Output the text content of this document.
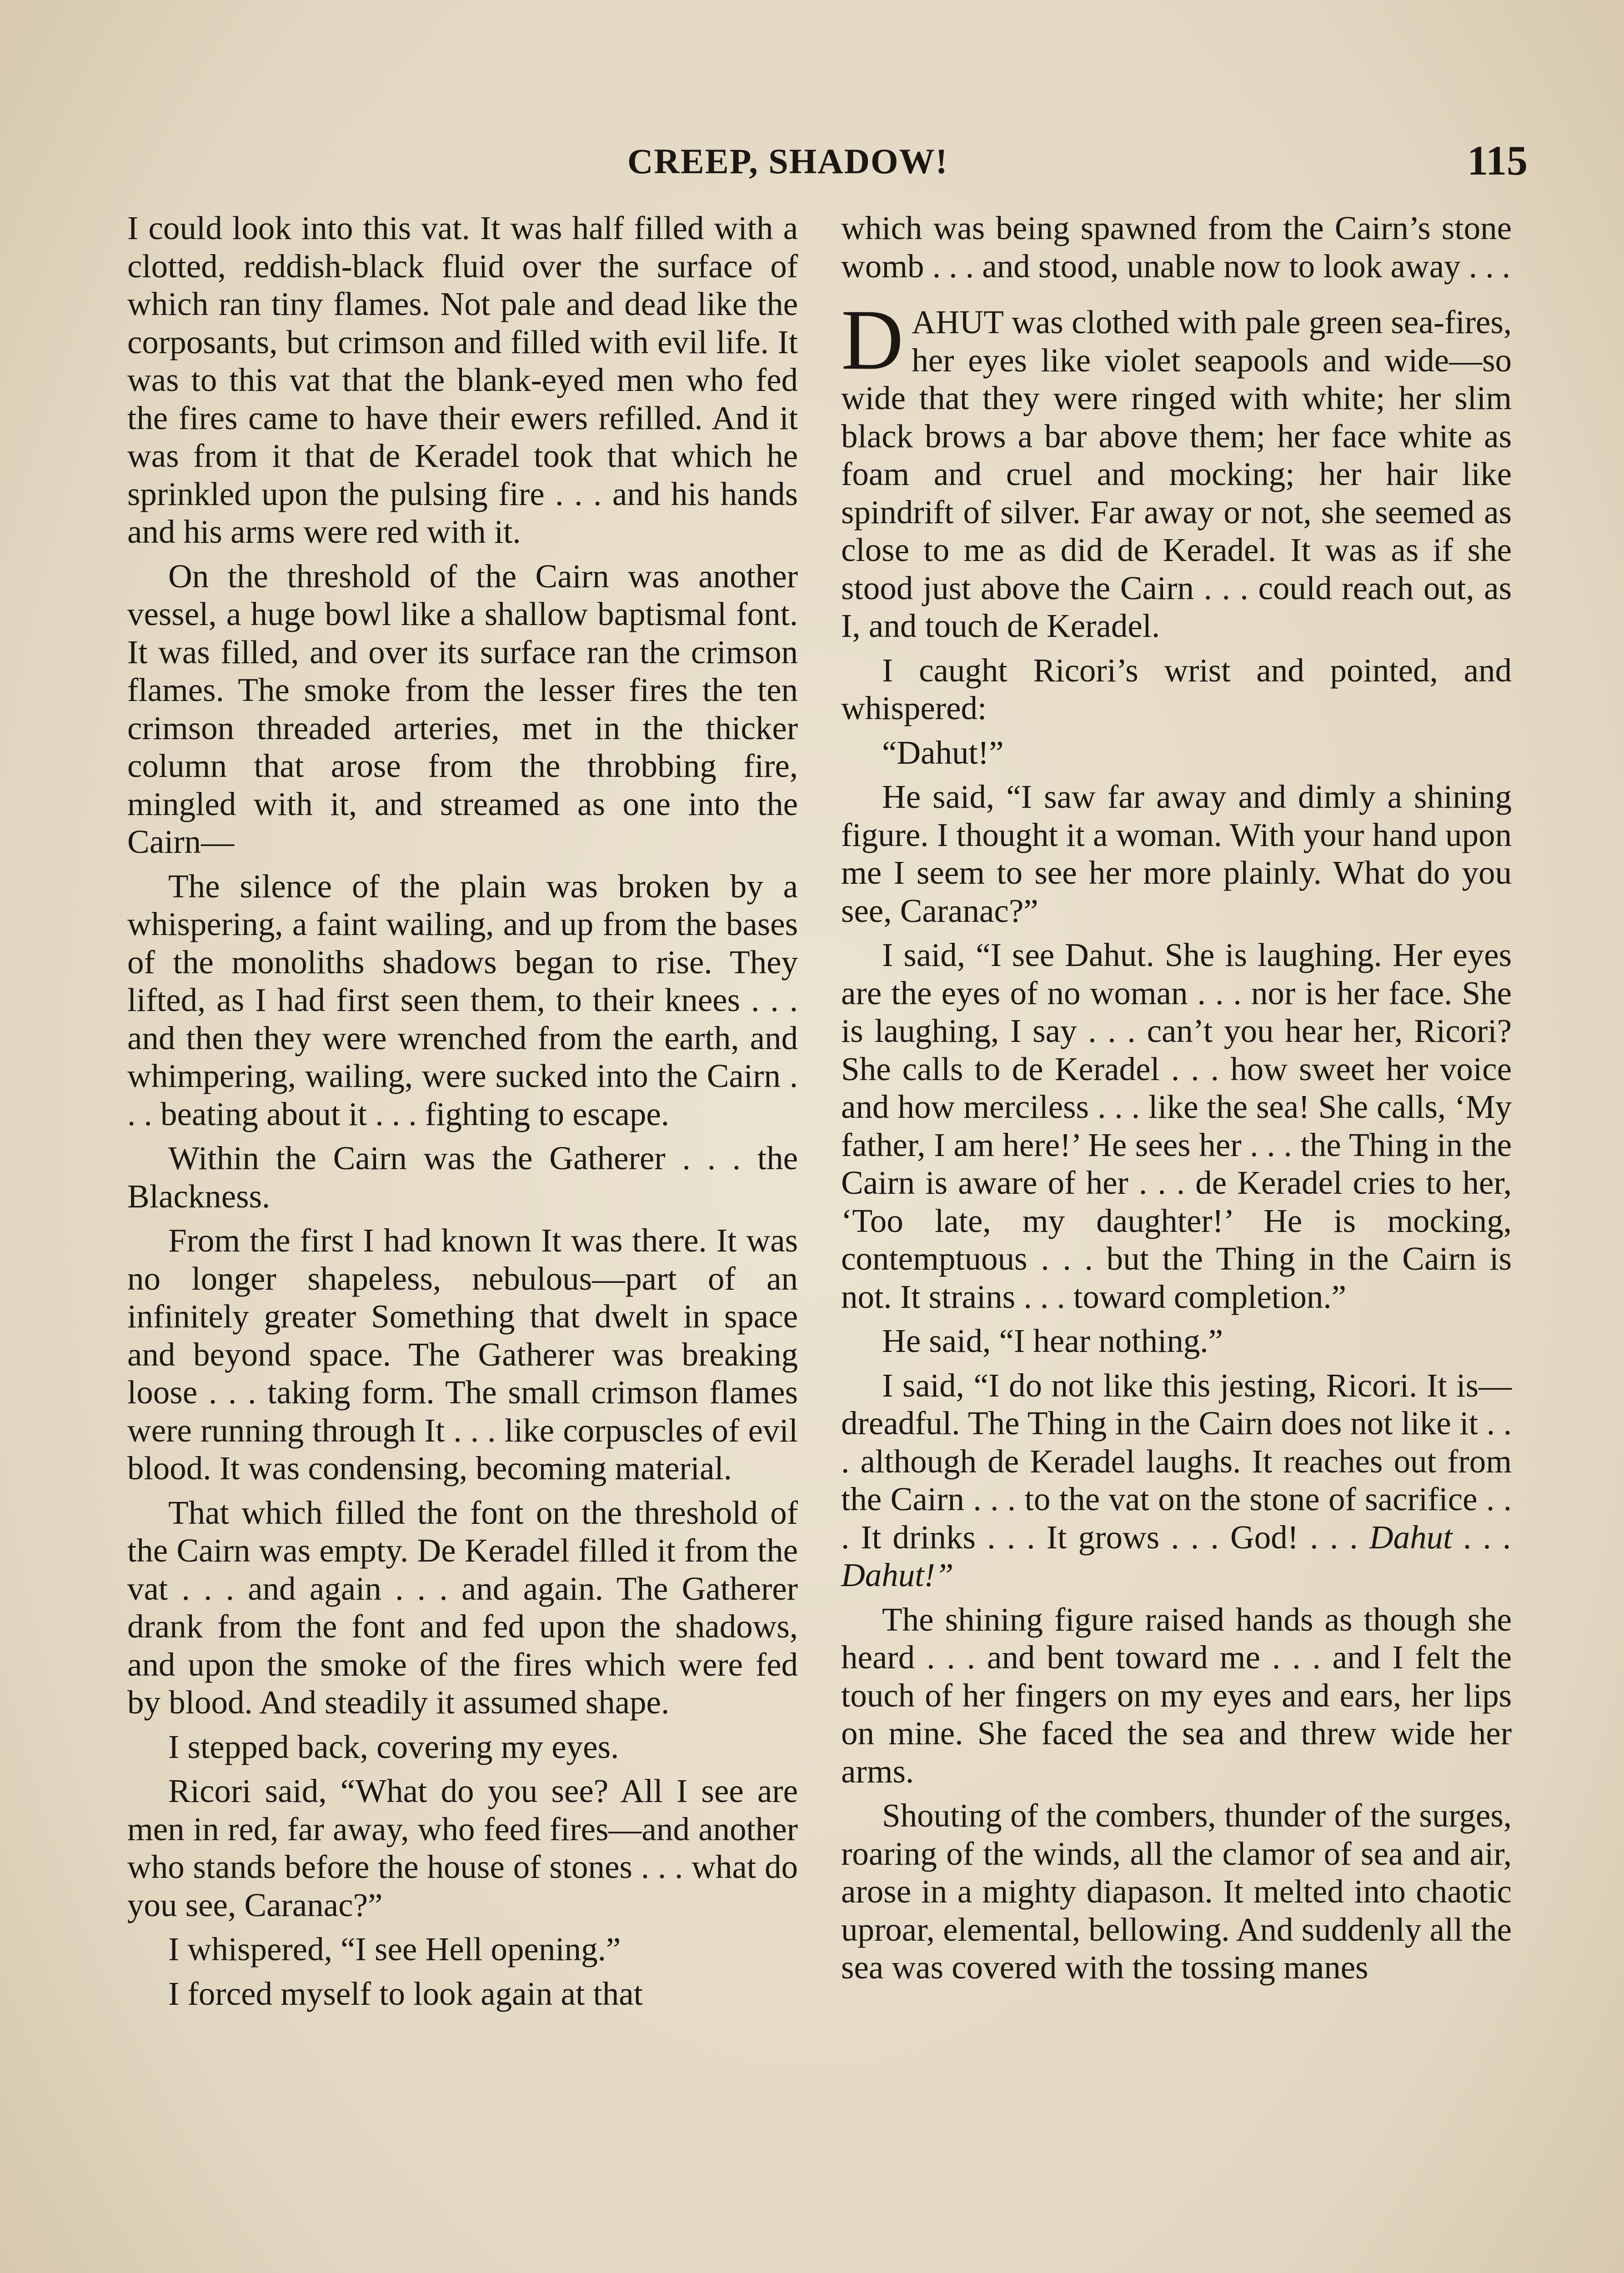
CREEP, SHADOW!	115

I could look into this vat. It was half filled with a clotted, reddish-black fluid over the surface of which ran tiny flames. Not pale and dead like the corposants, but crimson and filled with evil life. It was to this vat that the blank-eyed men who fed the fires came to have their ewers refilled. And it was from it that de Keradel took that which he sprinkled upon the pulsing fire . . . and his hands and his arms were red with it.

On the threshold of the Cairn was another vessel, a huge bowl like a shallow baptismal font. It was filled, and over its surface ran the crimson flames. The smoke from the lesser fires the ten crimson threaded arteries, met in the thicker column that arose from the throbbing fire, mingled with it, and streamed as one into the Cairn—

The silence of the plain was broken by a whispering, a faint wailing, and up from the bases of the monoliths shadows began to rise. They lifted, as I had first seen them, to their knees . . . and then they were wrenched from the earth, and whimpering, wailing, were sucked into the Cairn . . . beating about it . . . fighting to escape.

Within the Cairn was the Gatherer . . . the Blackness.

From the first I had known It was there. It was no longer shapeless, nebulous—part of an infinitely greater Something that dwelt in space and beyond space. The Gatherer was breaking loose . . . taking form. The small crimson flames were running through It . . . like corpuscles of evil blood. It was condensing, becoming material.

That which filled the font on the threshold of the Cairn was empty. De Keradel filled it from the vat . . . and again . . . and again. The Gatherer drank from the font and fed upon the shadows, and upon the smoke of the fires which were fed by blood. And steadily it assumed shape.

I stepped back, covering my eyes.

Ricori said, “What do you see? All I see are men in red, far away, who feed fires—and another who stands before the house of stones . . . what do you see, Caranac?”

I whispered, “I see Hell opening.”

I forced myself to look again at that

which was being spawned from the Cairn’s stone womb . . . and stood, unable now to look away . . .

DAHUT was clothed with pale green sea-fires, her eyes like violet seapools and wide—so wide that they were ringed with white; her slim black brows a bar above them; her face white as foam and cruel and mocking; her hair like spindrift of silver. Far away or not, she seemed as close to me as did de Keradel. It was as if she stood just above the Cairn . . . could reach out, as I, and touch de Keradel.

I caught Ricori’s wrist and pointed, and whispered:

“Dahut!”

He said, “I saw far away and dimly a shining figure. I thought it a woman. With your hand upon me I seem to see her more plainly. What do you see, Caranac?”

I said, “I see Dahut. She is laughing. Her eyes are the eyes of no woman . . . nor is her face. She is laughing, I say . . . can’t you hear her, Ricori? She calls to de Keradel . . . how sweet her voice and how merciless . . . like the sea! She calls, ‘My father, I am here!’ He sees her . . . the Thing in the Cairn is aware of her . . . de Keradel cries to her, ‘Too late, my daughter!’ He is mocking, contemptuous . . . but the Thing in the Cairn is not. It strains . . . toward completion.”

He said, “I hear nothing.”

I said, “I do not like this jesting, Ricori. It is—dreadful. The Thing in the Cairn does not like it . . . although de Keradel laughs. It reaches out from the Cairn . . . to the vat on the stone of sacrifice . . . It drinks . . . It grows . . . God! . . . Dahut . . . Dahut!”

The shining figure raised hands as though she heard . . . and bent toward me . . . and I felt the touch of her fingers on my eyes and ears, her lips on mine. She faced the sea and threw wide her arms.

Shouting of the combers, thunder of the surges, roaring of the winds, all the clamor of sea and air, arose in a mighty diapason. It melted into chaotic uproar, elemental, bellowing. And suddenly all the sea was covered with the tossing manes
